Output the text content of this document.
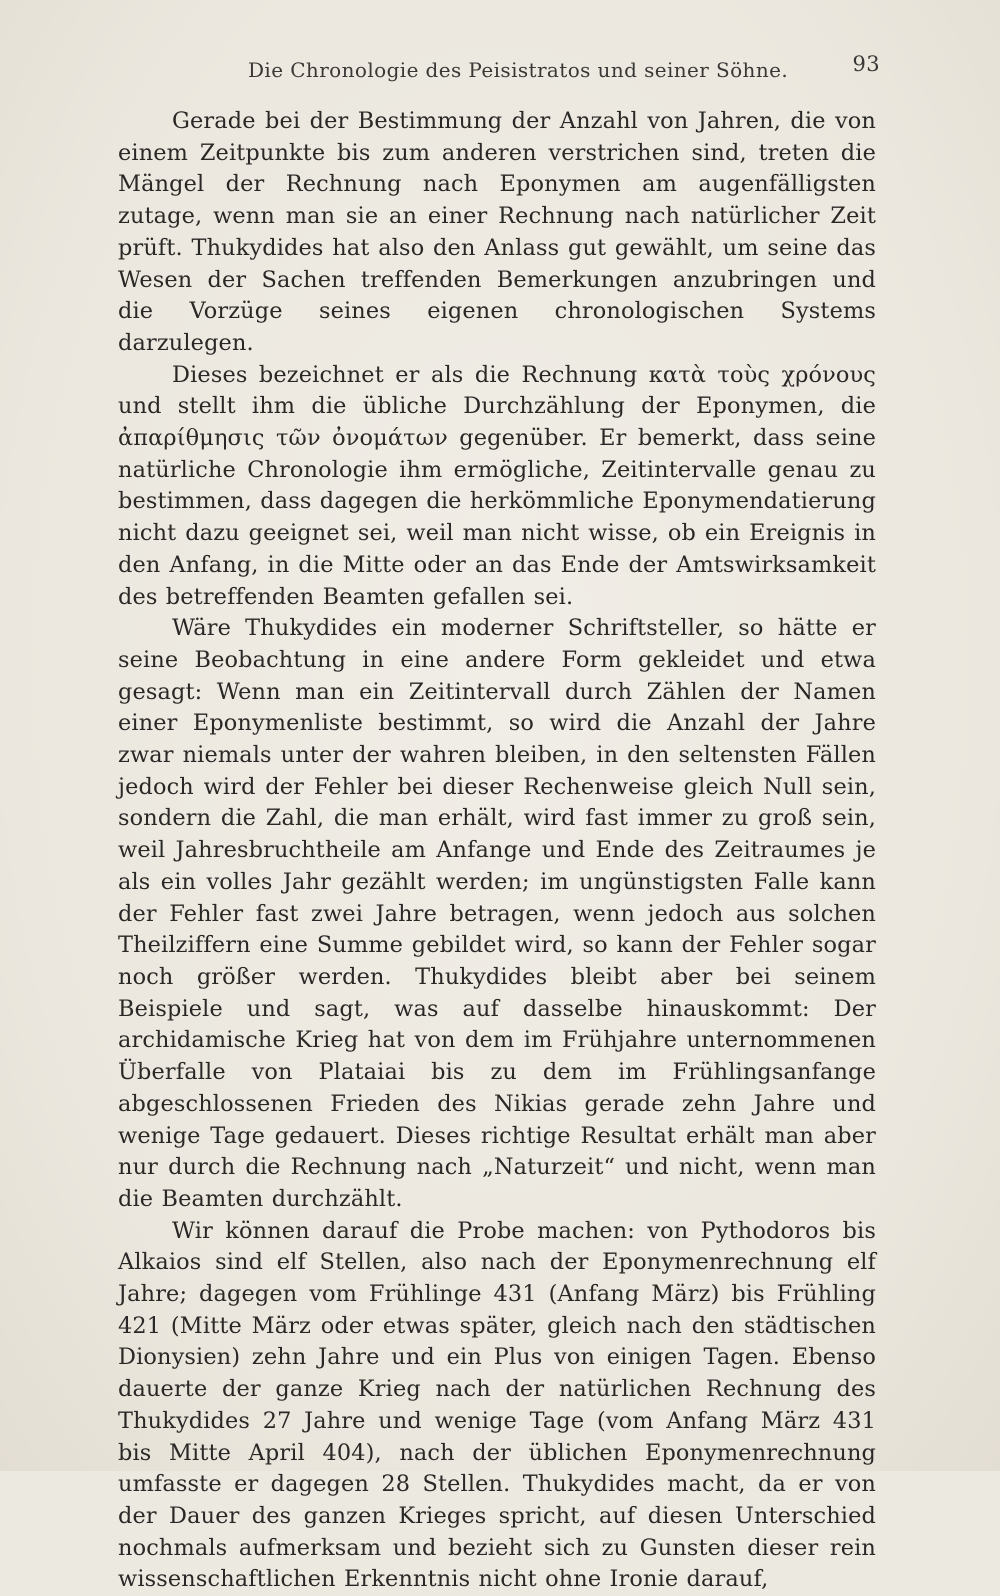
Die Chronologie des Peisistratos und seiner Söhne.	93

Gerade bei der Bestimmung der Anzahl von Jahren, die von einem Zeitpunkte bis zum anderen verstrichen sind, treten die Mängel der Rechnung nach Eponymen am augenfälligsten zutage, wenn man sie an einer Rechnung nach natürlicher Zeit prüft. Thukydides hat also den Anlass gut gewählt, um seine das Wesen der Sachen treffenden Bemerkungen anzubringen und die Vorzüge seines eigenen chronologischen Systems darzulegen.

Dieses bezeichnet er als die Rechnung κατὰ τοὺς χρόνους und stellt ihm die übliche Durchzählung der Eponymen, die ἀπαρίθμησις τῶν ὀνομάτων gegenüber. Er bemerkt, dass seine natürliche Chronologie ihm ermögliche, Zeitintervalle genau zu bestimmen, dass dagegen die herkömmliche Eponymendatierung nicht dazu geeignet sei, weil man nicht wisse, ob ein Ereignis in den Anfang, in die Mitte oder an das Ende der Amtswirksamkeit des betreffenden Beamten gefallen sei.

Wäre Thukydides ein moderner Schriftsteller, so hätte er seine Beobachtung in eine andere Form gekleidet und etwa gesagt: Wenn man ein Zeitintervall durch Zählen der Namen einer Eponymenliste bestimmt, so wird die Anzahl der Jahre zwar niemals unter der wahren bleiben, in den seltensten Fällen jedoch wird der Fehler bei dieser Rechenweise gleich Null sein, sondern die Zahl, die man erhält, wird fast immer zu groß sein, weil Jahresbruchtheile am Anfange und Ende des Zeitraumes je als ein volles Jahr gezählt werden; im ungünstigsten Falle kann der Fehler fast zwei Jahre betragen, wenn jedoch aus solchen Theilziffern eine Summe gebildet wird, so kann der Fehler sogar noch größer werden. Thukydides bleibt aber bei seinem Beispiele und sagt, was auf dasselbe hinauskommt: Der archidamische Krieg hat von dem im Frühjahre unternommenen Überfalle von Plataiai bis zu dem im Frühlingsanfange abgeschlossenen Frieden des Nikias gerade zehn Jahre und wenige Tage gedauert. Dieses richtige Resultat erhält man aber nur durch die Rechnung nach „Naturzeit“ und nicht, wenn man die Beamten durchzählt.

Wir können darauf die Probe machen: von Pythodoros bis Alkaios sind elf Stellen, also nach der Eponymenrechnung elf Jahre; dagegen vom Frühlinge 431 (Anfang März) bis Frühling 421 (Mitte März oder etwas später, gleich nach den städtischen Dionysien) zehn Jahre und ein Plus von einigen Tagen. Ebenso dauerte der ganze Krieg nach der natürlichen Rechnung des Thukydides 27 Jahre und wenige Tage (vom Anfang März 431 bis Mitte April 404), nach der üblichen Eponymenrechnung umfasste er dagegen 28 Stellen. Thukydides macht, da er von der Dauer des ganzen Krieges spricht, auf diesen Unterschied nochmals aufmerksam und bezieht sich zu Gunsten dieser rein wissenschaftlichen Erkenntnis nicht ohne Ironie darauf,
